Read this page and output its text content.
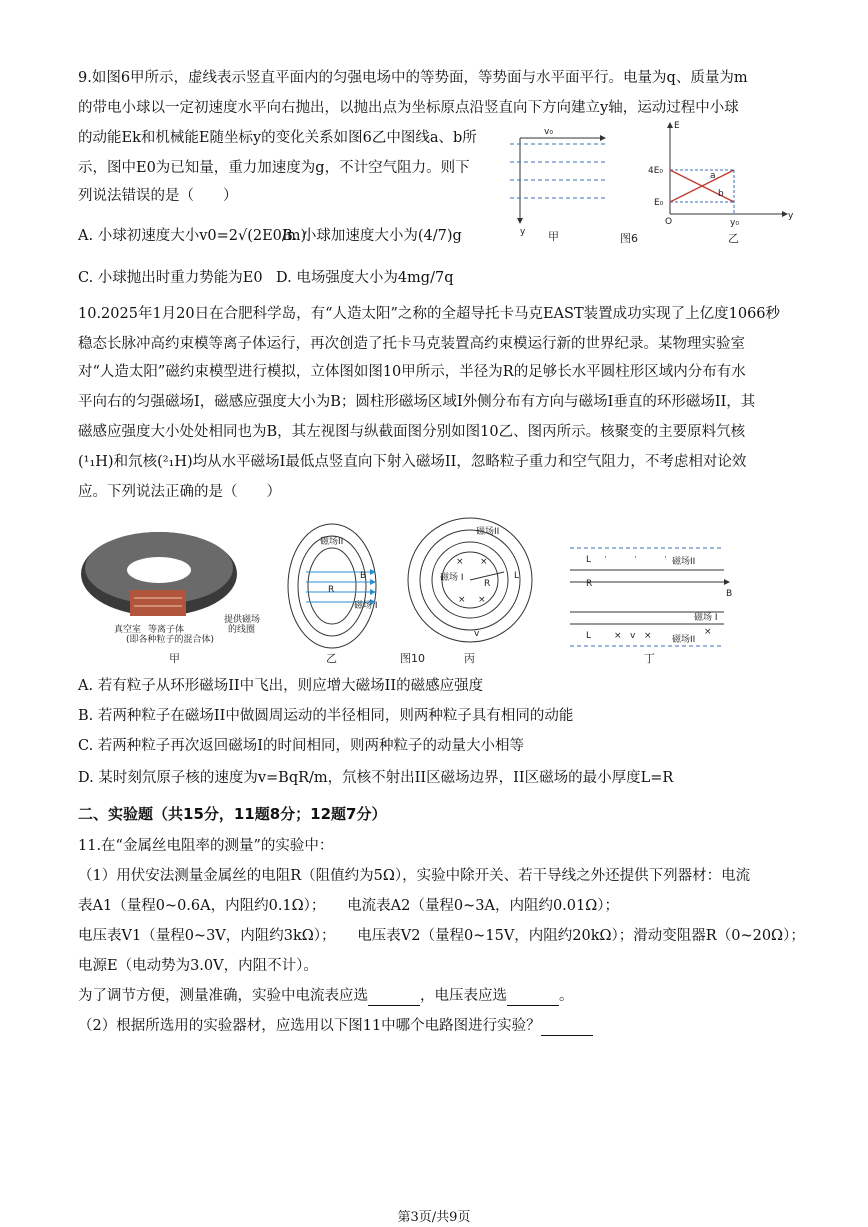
9.如图6甲所示，虚线表示竖直平面内的匀强电场中的等势面，等势面与水平面平行。电量为q、质量为m
的带电小球以一定初速度水平向右抛出，以抛出点为坐标原点沿竖直向下方向建立y轴，运动过程中小球
的动能Ek和机械能E随坐标y的变化关系如图6乙中图线a、b所
示，图中E0为已知量，重力加速度为g，不计空气阻力。则下
列说法错误的是（　　）
A. 小球初速度大小v0=2√(2E0/m)
B. 小球加速度大小为(4/7)g
C. 小球抛出时重力势能为E0 D. 电场强度大小为4mg/7q
v₀
y 甲
E
O
y
4E₀
E₀
a
b
y₀
图6	乙
10.2025年1月20日在合肥科学岛，有“人造太阳”之称的全超导托卡马克EAST装置成功实现了上亿度1066秒
稳态长脉冲高约束模等离子体运行，再次创造了托卡马克装置高约束模运行新的世界纪录。某物理实验室
对“人造太阳”磁约束模型进行模拟，立体图如图10甲所示，半径为R的足够长水平圆柱形区域内分布有水
平向右的匀强磁场I，磁感应强度大小为B；圆柱形磁场区域I外侧分布有方向与磁场I垂直的环形磁场II，其
磁感应强度大小处处相同也为B，其左视图与纵截面图分别如图10乙、图丙所示。核聚变的主要原料氕核
(¹₁H)和氘核(²₁H)均从水平磁场I最低点竖直向下射入磁场II，忽略粒子重力和空气阻力，不考虑相对论效
应。下列说法正确的是（　　）
真空室 等离子体
(即各种粒子的混合体)
提供磁场
的线圈
甲
磁场II
R
B
磁场 I
乙
磁场II
磁场 I
R
L
v
× ×
× ×
丙
图10
L
R
L
B
v
磁场II
磁场 I
磁场II
·	·	·
× ×	×
丁
A. 若有粒子从环形磁场II中飞出，则应增大磁场II的磁感应强度
B. 若两种粒子在磁场II中做圆周运动的半径相同，则两种粒子具有相同的动能
C. 若两种粒子再次返回磁场I的时间相同，则两种粒子的动量大小相等
D. 某时刻氘原子核的速度为v=BqR/m，氘核不射出II区磁场边界，II区磁场的最小厚度L=R
二、实验题（共15分，11题8分；12题7分）
11.在“金属丝电阻率的测量”的实验中：
（1）用伏安法测量金属丝的电阻R（阻值约为5Ω），实验中除开关、若干导线之外还提供下列器材：电流
表A1（量程0~0.6A，内阻约0.1Ω）；　　电流表A2（量程0~3A，内阻约0.01Ω）；
电压表V1（量程0~3V，内阻约3kΩ）；　　电压表V2（量程0~15V，内阻约20kΩ）；滑动变阻器R（0~20Ω）；
电源E（电动势为3.0V，内阻不计）。
为了调节方便，测量准确，实验中电流表应选	，电压表应选	。
（2）根据所选用的实验器材，应选用以下图11中哪个电路图进行实验？
第3页/共9页
